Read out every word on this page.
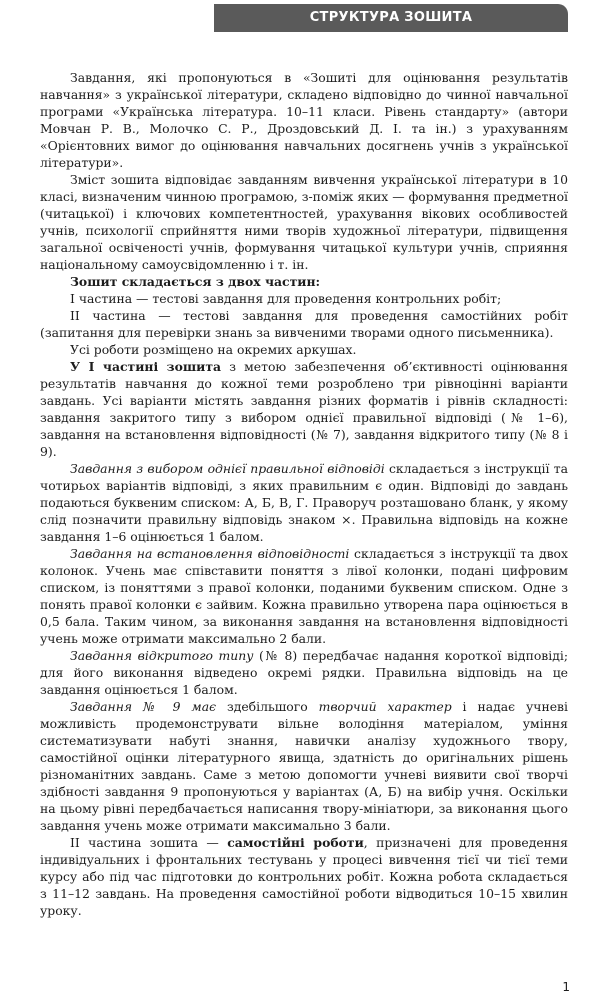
СТРУКТУРА ЗОШИТА

Завдання, які пропонуються в «Зошиті для оцінювання результатів навчання» з української літератури, складено відповідно до чинної навчальної програми «Українська література. 10–11 класи. Рівень стандарту» (автори Мовчан Р. В., Молочко С. Р., Дроздовський Д. І. та ін.) з урахуванням «Орієнтовних вимог до оцінювання навчальних досягнень учнів з української літератури».

Зміст зошита відповідає завданням вивчення української літератури в 10 класі, визначеним чинною програмою, з-поміж яких — формування предметної (читацької) і ключових компетентностей, урахування вікових особливостей учнів, психології сприйняття ними творів художньої літератури, підвищення загальної освіченості учнів, формування читацької культури учнів, сприяння національному самоусвідомленню і т. ін.

Зошит складається з двох частин:

I частина — тестові завдання для проведення контрольних робіт;

II частина — тестові завдання для проведення самостійних робіт (запитання для перевірки знань за вивченими творами одного письменника).

Усі роботи розміщено на окремих аркушах.

У I частині зошита з метою забезпечення об’єктивності оцінювання результатів навчання до кожної теми розроблено три рівноцінні варіанти завдань. Усі варіанти містять завдання різних форматів і рівнів складності: завдання закритого типу з вибором однієї правильної відповіді (№ 1–6), завдання на встановлення відповідності (№ 7), завдання відкритого типу (№ 8 і 9).

Завдання з вибором однієї правильної відповіді складається з інструкції та чотирьох варіантів відповіді, з яких правильним є один. Відповіді до завдань подаються буквеним списком: А, Б, В, Г. Праворуч розташовано бланк, у якому слід позначити правильну відповідь знаком ×. Правильна відповідь на кожне завдання 1–6 оцінюється 1 балом.

Завдання на встановлення відповідності складається з інструкції та двох колонок. Учень має співставити поняття з лівої колонки, подані цифровим списком, із поняттями з правої колонки, поданими буквеним списком. Одне з понять правої колонки є зайвим. Кожна правильно утворена пара оцінюється в 0,5 бала. Таким чином, за виконання завдання на встановлення відповідності учень може отримати максимально 2 бали.

Завдання відкритого типу (№ 8) передбачає надання короткої відповіді; для його виконання відведено окремі рядки. Правильна відповідь на це завдання оцінюється 1 балом.

Завдання № 9 має здебільшого творчий характер і надає учневі можливість продемонструвати вільне володіння матеріалом, уміння систематизувати набуті знання, навички аналізу художнього твору, самостійної оцінки літературного явища, здатність до оригінальних рішень різноманітних завдань. Саме з метою допомогти учневі виявити свої творчі здібності завдання 9 пропонуються у варіантах (А, Б) на вибір учня. Оскільки на цьому рівні передбачається написання твору-мініатюри, за виконання цього завдання учень може отримати максимально 3 бали.

II частина зошита — самостійні роботи, призначені для проведення індивідуальних і фронтальних тестувань у процесі вивчення тієї чи тієї теми курсу або під час підготовки до контрольних робіт. Кожна робота складається з 11–12 завдань. На проведення самостійної роботи відводиться 10–15 хвилин уроку.

1
